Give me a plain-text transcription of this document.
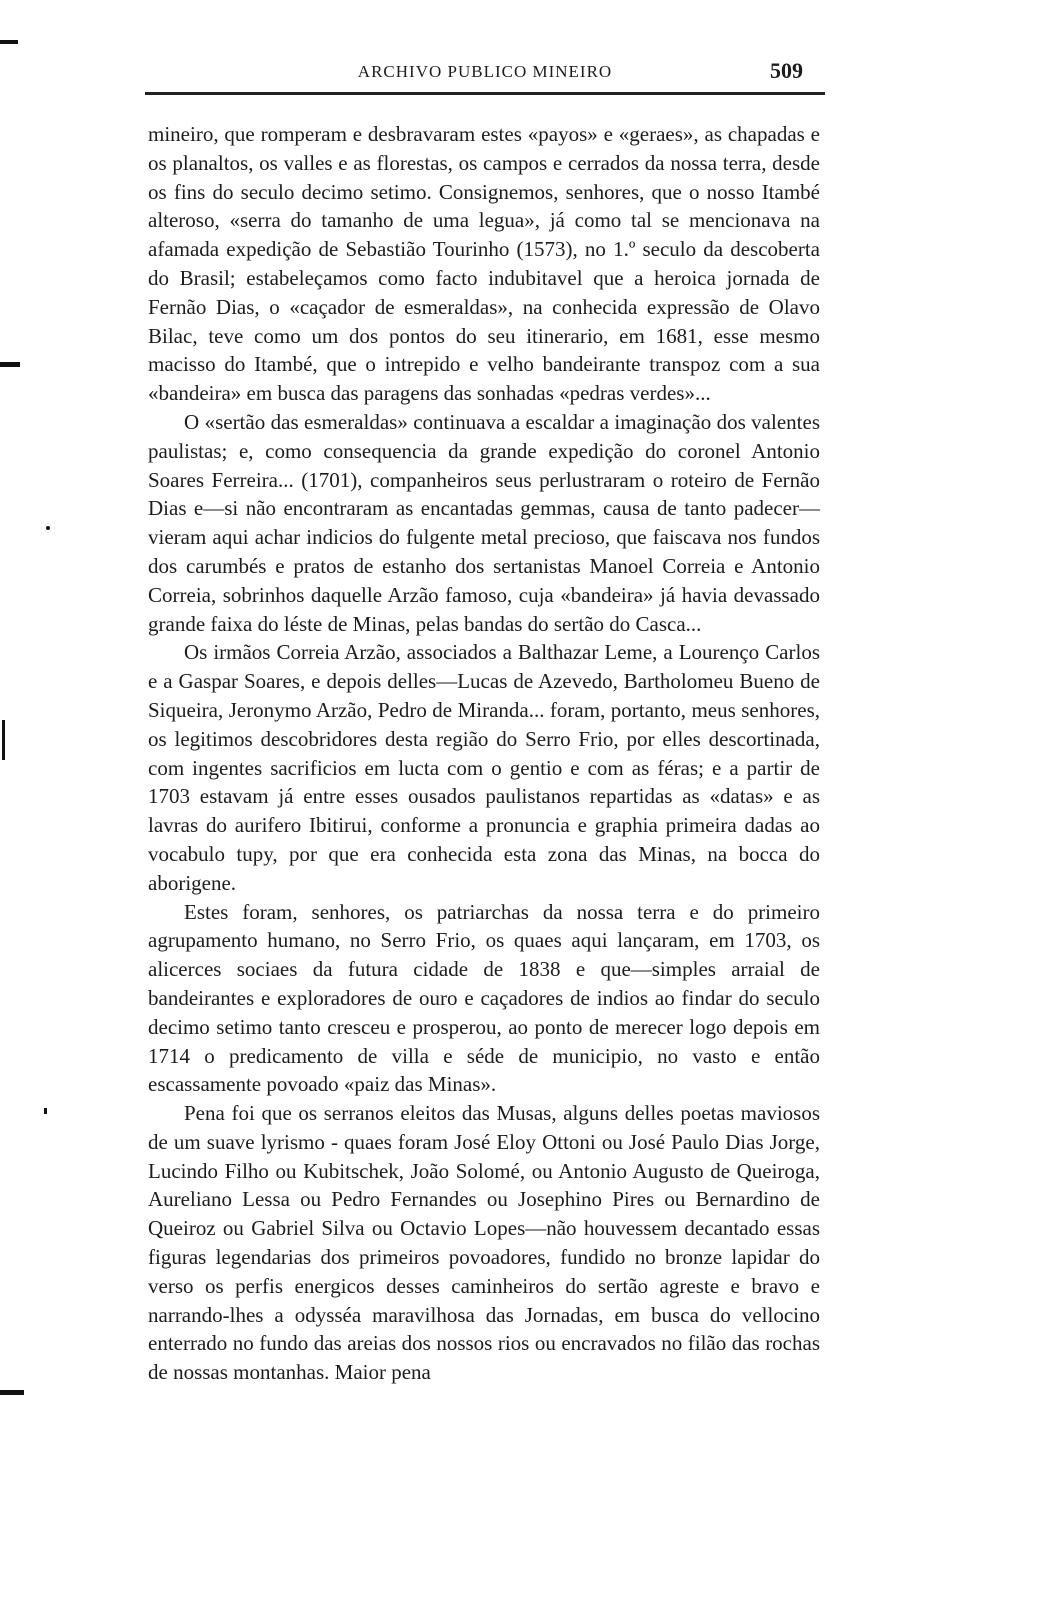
ARCHIVO PUBLICO MINEIRO	509

mineiro, que romperam e desbravaram estes «payos» e «geraes», as chapadas e os planaltos, os valles e as florestas, os campos e cerrados da nossa terra, desde os fins do seculo decimo setimo. Consignemos, senhores, que o nosso Itambé alteroso, «serra do tamanho de uma legua», já como tal se mencionava na afamada expedição de Sebastião Tourinho (1573), no 1.º seculo da descoberta do Brasil; estabeleçamos como facto indubitavel que a heroica jornada de Fernão Dias, o «caçador de esmeraldas», na conhecida expressão de Olavo Bilac, teve como um dos pontos do seu itinerario, em 1681, esse mesmo macisso do Itambé, que o intrepido e velho bandeirante transpoz com a sua «bandeira» em busca das paragens das sonhadas «pedras verdes»...

O «sertão das esmeraldas» continuava a escaldar a imaginação dos valentes paulistas; e, como consequencia da grande expedição do coronel Antonio Soares Ferreira... (1701), companheiros seus perlustraram o roteiro de Fernão Dias e—si não encontraram as encantadas gemmas, causa de tanto padecer—vieram aqui achar indicios do fulgente metal precioso, que faiscava nos fundos dos carumbés e pratos de estanho dos sertanistas Manoel Correia e Antonio Correia, sobrinhos daquelle Arzão famoso, cuja «bandeira» já havia devassado grande faixa do léste de Minas, pelas bandas do sertão do Casca...

Os irmãos Correia Arzão, associados a Balthazar Leme, a Lourenço Carlos e a Gaspar Soares, e depois delles—Lucas de Azevedo, Bartholomeu Bueno de Siqueira, Jeronymo Arzão, Pedro de Miranda... foram, portanto, meus senhores, os legitimos descobridores desta região do Serro Frio, por elles descortinada, com ingentes sacrificios em lucta com o gentio e com as féras; e a partir de 1703 estavam já entre esses ousados paulistanos repartidas as «datas» e as lavras do aurifero Ibitirui, conforme a pronuncia e graphia primeira dadas ao vocabulo tupy, por que era conhecida esta zona das Minas, na bocca do aborigene.

Estes foram, senhores, os patriarchas da nossa terra e do primeiro agrupamento humano, no Serro Frio, os quaes aqui lançaram, em 1703, os alicerces sociaes da futura cidade de 1838 e que—simples arraial de bandeirantes e exploradores de ouro e caçadores de indios ao findar do seculo decimo setimo tanto cresceu e prosperou, ao ponto de merecer logo depois em 1714 o predicamento de villa e séde de municipio, no vasto e então escassamente povoado «paiz das Minas».

Pena foi que os serranos eleitos das Musas, alguns delles poetas maviosos de um suave lyrismo - quaes foram José Eloy Ottoni ou José Paulo Dias Jorge, Lucindo Filho ou Kubitschek, João Solomé, ou Antonio Augusto de Queiroga, Aureliano Lessa ou Pedro Fernandes ou Josephino Pires ou Bernardino de Queiroz ou Gabriel Silva ou Octavio Lopes—não houvessem decantado essas figuras legendarias dos primeiros povoadores, fundido no bronze lapidar do verso os perfis energicos desses caminheiros do sertão agreste e bravo e narrando-lhes a odysséa maravilhosa das Jornadas, em busca do vellocino enterrado no fundo das areias dos nossos rios ou encravados no filão das rochas de nossas montanhas. Maior pena
